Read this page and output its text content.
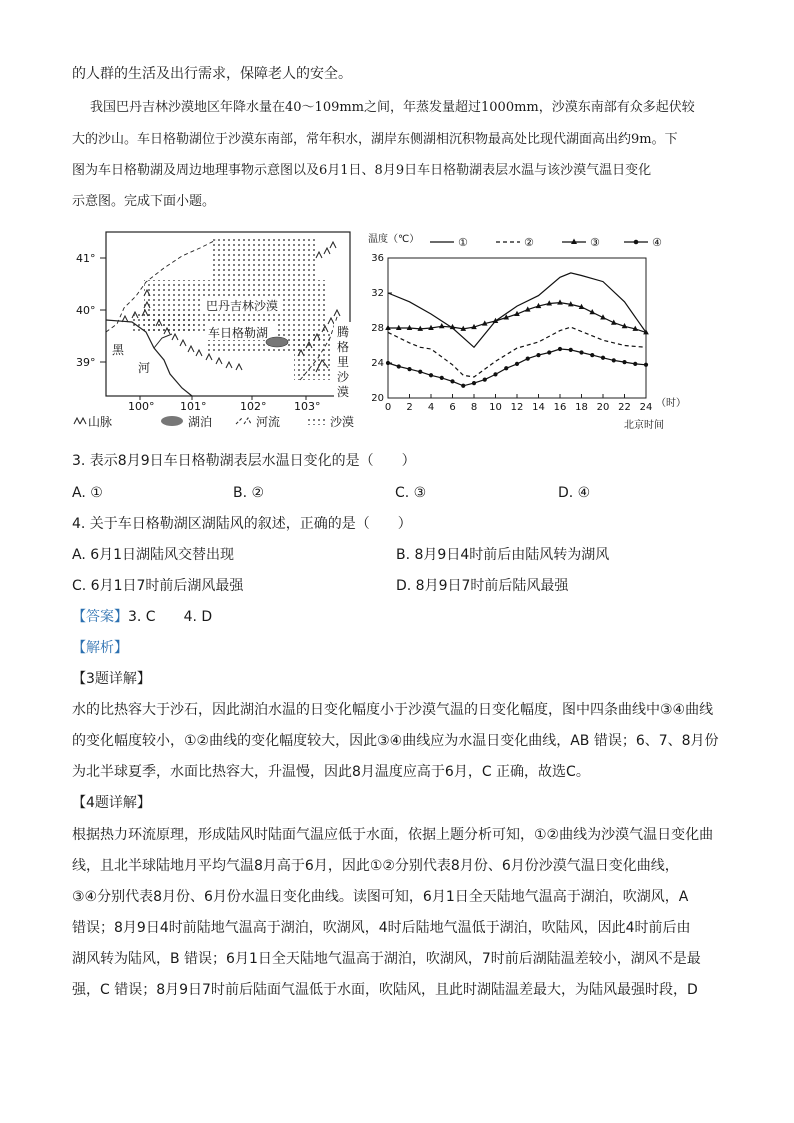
的人群的生活及出行需求，保障老人的安全。
我国巴丹吉林沙漠地区年降水量在40～109mm之间，年蒸发量超过1000mm，沙漠东南部有众多起伏较
大的沙山。车日格勒湖位于沙漠东南部，常年积水，湖岸东侧湖相沉积物最高处比现代湖面高出约9m。下
图为车日格勒湖及周边地理事物示意图以及6月1日、8月9日车日格勒湖表层水温与该沙漠气温日变化
示意图。完成下面小题。
巴丹吉林沙漠
车日格勒湖
黑
河
腾
格
里
沙
漠
41°
40°
39°
100° 101°	102°	103°
山脉	湖泊	河流	沙漠
温度（℃）
（时）
北京时间
20
24
28
32
36
0 2 4 6 8 10 12 14 16 18 20 22 24
①	②	③	④
3. 表示8月9日车日格勒湖表层水温日变化的是（　　）
A. ①	B. ②	C. ③	D. ④
4. 关于车日格勒湖区湖陆风的叙述，正确的是（　　）
A. 6月1日湖陆风交替出现	B. 8月9日4时前后由陆风转为湖风
C. 6月1日7时前后湖风最强	D. 8月9日7时前后陆风最强
【答案】3. C　　4. D
【解析】
【3题详解】
水的比热容大于沙石，因此湖泊水温的日变化幅度小于沙漠气温的日变化幅度，图中四条曲线中③④曲线
的变化幅度较小，①②曲线的变化幅度较大，因此③④曲线应为水温日变化曲线，AB 错误；6、7、8月份
为北半球夏季，水面比热容大，升温慢，因此8月温度应高于6月，C 正确，故选C。
【4题详解】
根据热力环流原理，形成陆风时陆面气温应低于水面，依据上题分析可知，①②曲线为沙漠气温日变化曲
线，且北半球陆地月平均气温8月高于6月，因此①②分别代表8月份、6月份沙漠气温日变化曲线，
③④分别代表8月份、6月份水温日变化曲线。读图可知，6月1日全天陆地气温高于湖泊，吹湖风，A
错误；8月9日4时前陆地气温高于湖泊，吹湖风，4时后陆地气温低于湖泊，吹陆风，因此4时前后由
湖风转为陆风，B 错误；6月1日全天陆地气温高于湖泊，吹湖风，7时前后湖陆温差较小，湖风不是最
强，C 错误；8月9日7时前后陆面气温低于水面，吹陆风，且此时湖陆温差最大，为陆风最强时段，D
